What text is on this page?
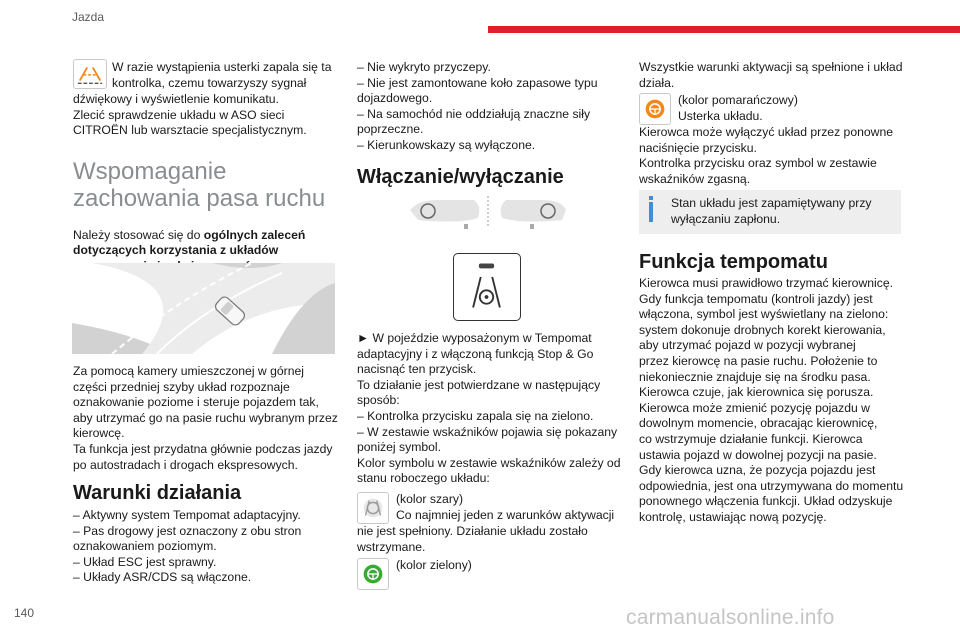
Jazda
140	carmanualsonline.info
W razie wystąpienia usterki zapala się ta
kontrolka, czemu towarzyszy sygnał
dźwiękowy i wyświetlenie komunikatu.
Zlecić sprawdzenie układu w ASO sieci
CITROËN lub warsztacie specjalistycznym.
Wspomaganie
zachowania pasa ruchu

Należy stosować się do ogólnych zaleceń dotyczących korzystania z układów

Za pomocą kamery umieszczonej w górnej
części przedniej szyby układ rozpoznaje
oznakowanie poziome i steruje pojazdem tak,
aby utrzymać go na pasie ruchu wybranym przez
kierowcę.
Ta funkcja jest przydatna głównie podczas jazdy
po autostradach i drogach ekspresowych.
Warunki działania
– Aktywny system Tempomat adaptacyjny.
– Pas drogowy jest oznaczony z obu stron
oznakowaniem poziomym.
– Układ ESC jest sprawny.
– Układy ASR/CDS są włączone.
– Nie wykryto przyczepy.
– Nie jest zamontowane koło zapasowe typu
dojazdowego.
– Na samochód nie oddziałują znaczne siły
poprzeczne.
– Kierunkowskazy są wyłączone.
Włączanie/wyłączanie
► W pojeździe wyposażonym w Tempomat
adaptacyjny i z włączoną funkcją Stop & Go
nacisnąć ten przycisk.
To działanie jest potwierdzane w następujący
sposób:
– Kontrolka przycisku zapala się na zielono.
– W zestawie wskaźników pojawia się pokazany
poniżej symbol.
Kolor symbolu w zestawie wskaźników zależy od
stanu roboczego układu:
(kolor szary)
Co najmniej jeden z warunków aktywacji
nie jest spełniony. Działanie układu zostało
wstrzymane.
(kolor zielony)
Wszystkie warunki aktywacji są spełnione i układ
działa.
(kolor pomarańczowy)
Usterka układu.
Kierowca może wyłączyć układ przez ponowne
naciśnięcie przycisku.
Kontrolka przycisku oraz symbol w zestawie
wskaźników zgasną.
Stan układu jest zapamiętywany przy
wyłączaniu zapłonu.
Funkcja tempomatu
Kierowca musi prawidłowo trzymać kierownicę.
Gdy funkcja tempomatu (kontroli jazdy) jest
włączona, symbol jest wyświetlany na zielono:
system dokonuje drobnych korekt kierowania,
aby utrzymać pojazd w pozycji wybranej
przez kierowcę na pasie ruchu. Położenie to
niekoniecznie znajduje się na środku pasa.
Kierowca czuje, jak kierownica się porusza.
Kierowca może zmienić pozycję pojazdu w
dowolnym momencie, obracając kierownicę,
co wstrzymuje działanie funkcji. Kierowca
ustawia pojazd w dowolnej pozycji na pasie.
Gdy kierowca uzna, że pozycja pojazdu jest
odpowiednia, jest ona utrzymywana do momentu
ponownego włączenia funkcji. Układ odzyskuje
kontrolę, ustawiając nową pozycję.
